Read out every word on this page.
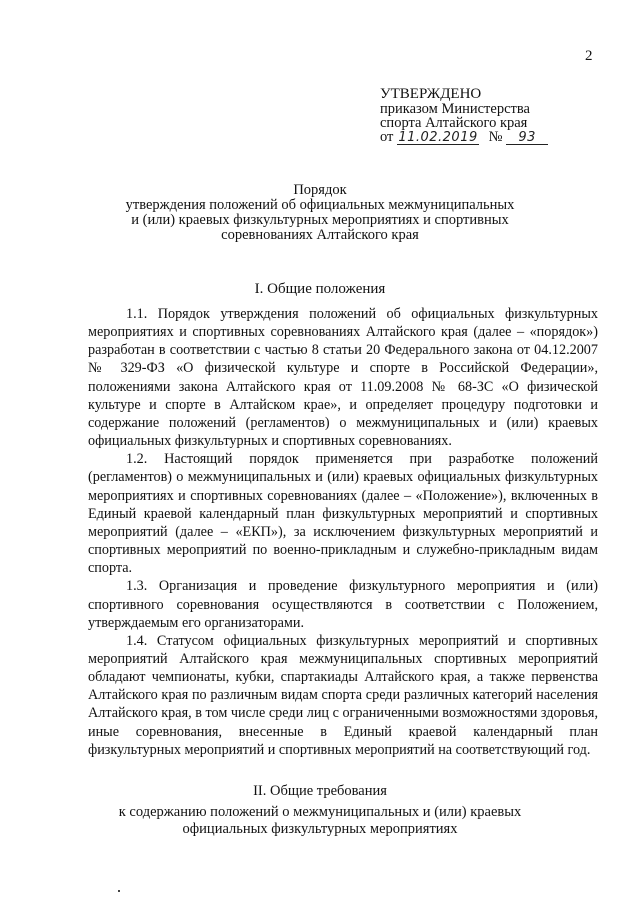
2
УТВЕРЖДЕНО
приказом Министерства
спорта Алтайского края
от 11.02.2019 № 93
Порядок
утверждения положений об официальных межмуниципальных
и (или) краевых физкультурных мероприятиях и спортивных
соревнованиях Алтайского края
I. Общие положения

1.1. Порядок утверждения положений об официальных физкультурных мероприятиях и спортивных соревнованиях Алтайского края (далее – «порядок») разработан в соответствии с частью 8 статьи 20 Федерального закона от 04.12.2007 № 329-ФЗ «О физической культуре и спорте в Российской Федерации», положениями закона Алтайского края от 11.09.2008 № 68-ЗС «О физической культуре и спорте в Алтайском крае», и определяет процедуру подготовки и содержание положений (регламентов) о межмуниципальных и (или) краевых официальных физкультурных и спортивных соревнованиях.

1.2. Настоящий порядок применяется при разработке положений (регламентов) о межмуниципальных и (или) краевых официальных физкультурных мероприятиях и спортивных соревнованиях (далее – «Положение»), включенных в Единый краевой календарный план физкультурных мероприятий и спортивных мероприятий (далее – «ЕКП»), за исключением физкультурных мероприятий и спортивных мероприятий по военно-прикладным и служебно-прикладным видам спорта.

1.3. Организация и проведение физкультурного мероприятия и (или) спортивного соревнования осуществляются в соответствии с Положением, утверждаемым его организаторами.

1.4. Статусом официальных физкультурных мероприятий и спортивных мероприятий Алтайского края межмуниципальных спортивных мероприятий обладают чемпионаты, кубки, спартакиады Алтайского края, а также первенства Алтайского края по различным видам спорта среди различных категорий населения Алтайского края, в том числе среди лиц с ограниченными возможностями здоровья, иные соревнования, внесенные в Единый краевой календарный план физкультурных мероприятий и спортивных мероприятий на соответствующий год.

II. Общие требования
к содержанию положений о межмуниципальных и (или) краевых
официальных физкультурных мероприятиях
